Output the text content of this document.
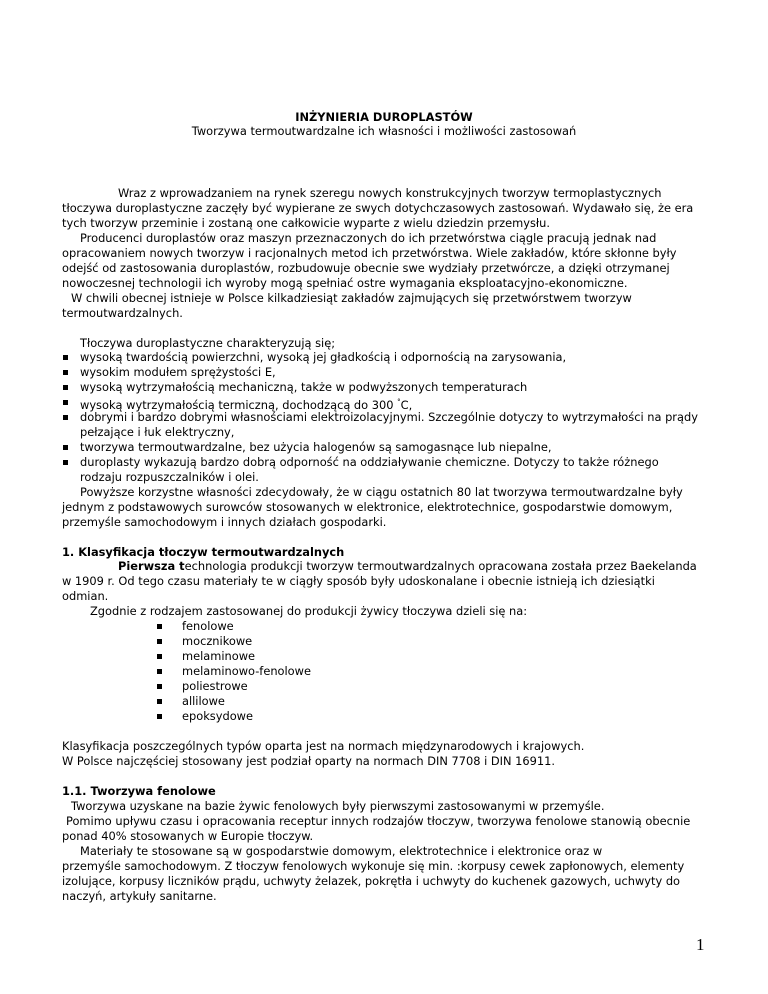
INŻYNIERIA DUROPLASTÓW
Tworzywa termoutwardzalne ich własności i możliwości zastosowań
Wraz z wprowadzaniem na rynek szeregu nowych konstrukcyjnych tworzyw termoplastycznych
tłoczywa duroplastyczne zaczęły być wypierane ze swych dotychczasowych zastosowań. Wydawało się, że era
tych tworzyw przeminie i zostaną one całkowicie wyparte z wielu dziedzin przemysłu.
Producenci duroplastów oraz maszyn przeznaczonych do ich przetwórstwa ciągle pracują jednak nad
opracowaniem nowych tworzyw i racjonalnych metod ich przetwórstwa. Wiele zakładów, które skłonne były
odejść od zastosowania duroplastów, rozbudowuje obecnie swe wydziały przetwórcze, a dzięki otrzymanej
nowoczesnej technologii ich wyroby mogą spełniać ostre wymagania eksploatacyjno-ekonomiczne.
W chwili obecnej istnieje w Polsce kilkadziesiąt zakładów zajmujących się przetwórstwem tworzyw
termoutwardzalnych.
Tłoczywa duroplastyczne charakteryzują się;
wysoką twardością powierzchni, wysoką jej gładkością i odpornością na zarysowania,
wysokim modułem sprężystości E,
wysoką wytrzymałością mechaniczną, także w podwyższonych temperaturach
wysoką wytrzymałością termiczną, dochodzącą do 300 °C,
dobrymi i bardzo dobrymi własnościami elektroizolacyjnymi. Szczególnie dotyczy to wytrzymałości na prądy
pełzające i łuk elektryczny,
tworzywa termoutwardzalne, bez użycia halogenów są samogasnące lub niepalne,
duroplasty wykazują bardzo dobrą odporność na oddziaływanie chemiczne. Dotyczy to także różnego
rodzaju rozpuszczalników i olei.
Powyższe korzystne własności zdecydowały, że w ciągu ostatnich 80 lat tworzywa termoutwardzalne były
jednym z podstawowych surowców stosowanych w elektronice, elektrotechnice, gospodarstwie domowym,
przemyśle samochodowym i innych działach gospodarki.
1. Klasyfikacja tłoczyw termoutwardzalnych
Pierwsza technologia produkcji tworzyw termoutwardzalnych opracowana została przez Baekelanda
w 1909 r. Od tego czasu materiały te w ciągły sposób były udoskonalane i obecnie istnieją ich dziesiątki
odmian.
Zgodnie z rodzajem zastosowanej do produkcji żywicy tłoczywa dzieli się na:
fenolowe
mocznikowe
melaminowe
melaminowo-fenolowe
poliestrowe
allilowe
epoksydowe
Klasyfikacja poszczególnych typów oparta jest na normach międzynarodowych i krajowych.
W Polsce najczęściej stosowany jest podział oparty na normach DIN 7708 i DIN 16911.
1.1. Tworzywa fenolowe
Tworzywa uzyskane na bazie żywic fenolowych były pierwszymi zastosowanymi w przemyśle.
Pomimo upływu czasu i opracowania receptur innych rodzajów tłoczyw, tworzywa fenolowe stanowią obecnie
ponad 40% stosowanych w Europie tłoczyw.
Materiały te stosowane są w gospodarstwie domowym, elektrotechnice i elektronice oraz w
przemyśle samochodowym. Z tłoczyw fenolowych wykonuje się min. :korpusy cewek zapłonowych, elementy
izolujące, korpusy liczników prądu, uchwyty żelazek, pokrętła i uchwyty do kuchenek gazowych, uchwyty do
naczyń, artykuły sanitarne.
1
